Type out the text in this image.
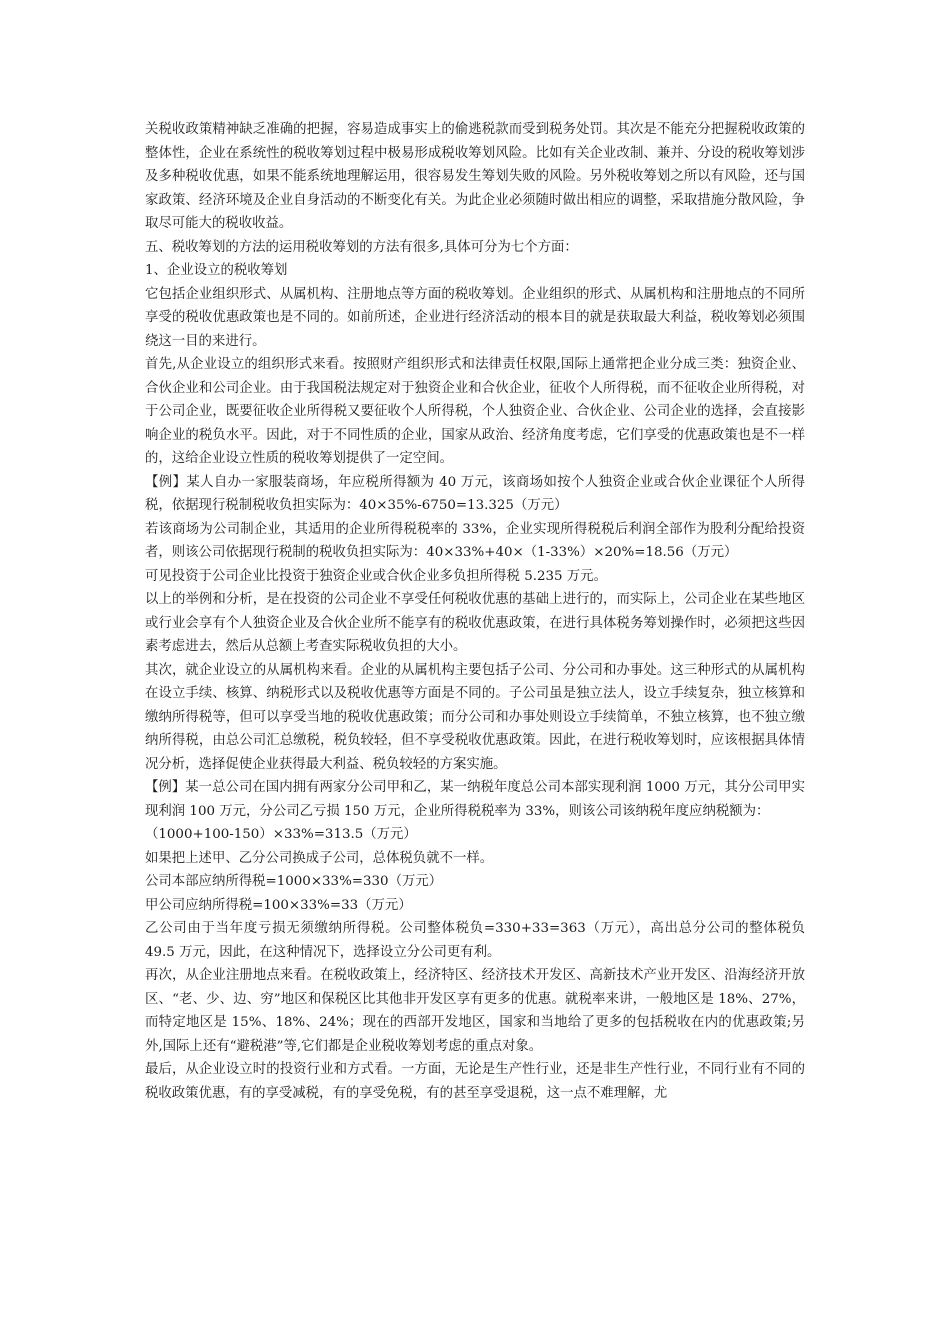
关税收政策精神缺乏准确的把握，容易造成事实上的偷逃税款而受到税务处罚。其次是不能充分把握税收政策的整体性，企业在系统性的税收筹划过程中极易形成税收筹划风险。比如有关企业改制、兼并、分设的税收筹划涉及多种税收优惠，如果不能系统地理解运用，很容易发生筹划失败的风险。另外税收筹划之所以有风险，还与国家政策、经济环境及企业自身活动的不断变化有关。为此企业必须随时做出相应的调整，采取措施分散风险，争取尽可能大的税收收益。

五、税收筹划的方法的运用税收筹划的方法有很多,具体可分为七个方面：

1、企业设立的税收筹划

它包括企业组织形式、从属机构、注册地点等方面的税收筹划。企业组织的形式、从属机构和注册地点的不同所享受的税收优惠政策也是不同的。如前所述，企业进行经济活动的根本目的就是获取最大利益，税收筹划必须围绕这一目的来进行。

首先,从企业设立的组织形式来看。按照财产组织形式和法律责任权限,国际上通常把企业分成三类：独资企业、合伙企业和公司企业。由于我国税法规定对于独资企业和合伙企业，征收个人所得税，而不征收企业所得税，对于公司企业，既要征收企业所得税又要征收个人所得税，个人独资企业、合伙企业、公司企业的选择，会直接影响企业的税负水平。因此，对于不同性质的企业，国家从政治、经济角度考虑，它们享受的优惠政策也是不一样的，这给企业设立性质的税收筹划提供了一定空间。

【例】某人自办一家服装商场，年应税所得额为 40 万元，该商场如按个人独资企业或合伙企业课征个人所得税，依据现行税制税收负担实际为：40×35%-6750=13.325（万元）

若该商场为公司制企业，其适用的企业所得税税率的 33%，企业实现所得税税后利润全部作为股利分配给投资者，则该公司依据现行税制的税收负担实际为：40×33%+40×（1-33%）×20%=18.56（万元）

可见投资于公司企业比投资于独资企业或合伙企业多负担所得税 5.235 万元。

以上的举例和分析，是在投资的公司企业不享受任何税收优惠的基础上进行的，而实际上，公司企业在某些地区或行业会享有个人独资企业及合伙企业所不能享有的税收优惠政策，在进行具体税务筹划操作时，必须把这些因素考虑进去，然后从总额上考查实际税收负担的大小。

其次，就企业设立的从属机构来看。企业的从属机构主要包括子公司、分公司和办事处。这三种形式的从属机构在设立手续、核算、纳税形式以及税收优惠等方面是不同的。子公司虽是独立法人，设立手续复杂，独立核算和缴纳所得税等，但可以享受当地的税收优惠政策；而分公司和办事处则设立手续简单，不独立核算，也不独立缴纳所得税，由总公司汇总缴税，税负较轻，但不享受税收优惠政策。因此，在进行税收筹划时，应该根据具体情况分析，选择促使企业获得最大利益、税负较轻的方案实施。

【例】某一总公司在国内拥有两家分公司甲和乙，某一纳税年度总公司本部实现利润 1000 万元，其分公司甲实现利润 100 万元，分公司乙亏损 150 万元，企业所得税税率为 33%，则该公司该纳税年度应纳税额为：

（1000+100-150）×33%=313.5（万元）

如果把上述甲、乙分公司换成子公司，总体税负就不一样。

公司本部应纳所得税=1000×33%=330（万元）

甲公司应纳所得税=100×33%=33（万元）

乙公司由于当年度亏损无须缴纳所得税。公司整体税负=330+33=363（万元），高出总分公司的整体税负 49.5 万元，因此，在这种情况下，选择设立分公司更有利。

再次，从企业注册地点来看。在税收政策上，经济特区、经济技术开发区、高新技术产业开发区、沿海经济开放区、“老、少、边、穷”地区和保税区比其他非开发区享有更多的优惠。就税率来讲，一般地区是 18%、27%，而特定地区是 15%、18%、24%；现在的西部开发地区，国家和当地给了更多的包括税收在内的优惠政策;另外,国际上还有“避税港”等,它们都是企业税收筹划考虑的重点对象。

最后，从企业设立时的投资行业和方式看。一方面，无论是生产性行业，还是非生产性行业，不同行业有不同的税收政策优惠，有的享受减税，有的享受免税，有的甚至享受退税，这一点不难理解，尤
